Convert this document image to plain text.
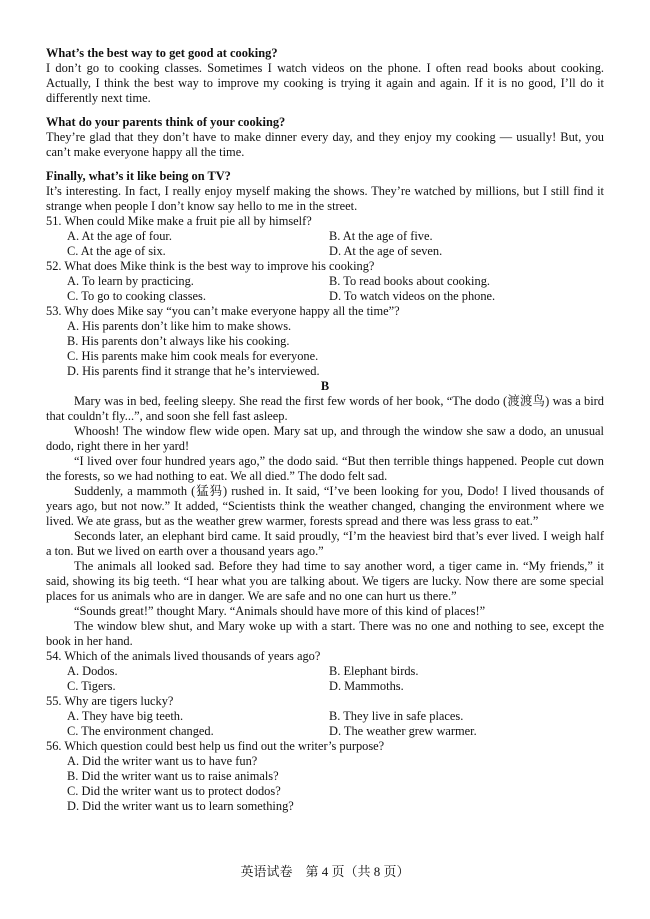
What’s the best way to get good at cooking?

I don’t go to cooking classes. Sometimes I watch videos on the phone. I often read books about cooking. Actually, I think the best way to improve my cooking is trying it again and again. If it is no good, I’ll do it differently next time.

What do your parents think of your cooking?

They’re glad that they don’t have to make dinner every day, and they enjoy my cooking — usually! But, you can’t make everyone happy all the time.

Finally, what’s it like being on TV?

It’s interesting. In fact, I really enjoy myself making the shows. They’re watched by millions, but I still find it strange when people I don’t know say hello to me in the street.

51. When could Mike make a fruit pie all by himself?

A. At the age of four.	B. At the age of five.
C. At the age of six.	D. At the age of seven.

52. What does Mike think is the best way to improve his cooking?

A. To learn by practicing.	B. To read books about cooking.
C. To go to cooking classes.	D. To watch videos on the phone.

53. Why does Mike say “you can’t make everyone happy all the time”?

A. His parents don’t like him to make shows.
B. His parents don’t always like his cooking.
C. His parents make him cook meals for everyone.
D. His parents find it strange that he’s interviewed.

B

Mary was in bed, feeling sleepy. She read the first few words of her book, “The dodo (渡渡鸟) was a bird that couldn’t fly...”, and soon she fell fast asleep.

Whoosh! The window flew wide open. Mary sat up, and through the window she saw a dodo, an unusual dodo, right there in her yard!

“I lived over four hundred years ago,” the dodo said. “But then terrible things happened. People cut down the forests, so we had nothing to eat. We all died.” The dodo felt sad.

Suddenly, a mammoth (猛犸) rushed in. It said, “I’ve been looking for you, Dodo! I lived thousands of years ago, but not now.” It added, “Scientists think the weather changed, changing the environment where we lived. We ate grass, but as the weather grew warmer, forests spread and there was less grass to eat.”

Seconds later, an elephant bird came. It said proudly, “I’m the heaviest bird that’s ever lived. I weigh half a ton. But we lived on earth over a thousand years ago.”

The animals all looked sad. Before they had time to say another word, a tiger came in. “My friends,” it said, showing its big teeth. “I hear what you are talking about. We tigers are lucky. Now there are some special places for us animals who are in danger. We are safe and no one can hurt us there.”

“Sounds great!” thought Mary. “Animals should have more of this kind of places!”

The window blew shut, and Mary woke up with a start. There was no one and nothing to see, except the book in her hand.

54. Which of the animals lived thousands of years ago?

A. Dodos.	B. Elephant birds.
C. Tigers.	D. Mammoths.

55. Why are tigers lucky?

A. They have big teeth.	B. They live in safe places.
C. The environment changed.	D. The weather grew warmer.

56. Which question could best help us find out the writer’s purpose?

A. Did the writer want us to have fun?
B. Did the writer want us to raise animals?
C. Did the writer want us to protect dodos?
D. Did the writer want us to learn something?
英语试卷　第 4 页（共 8 页）
